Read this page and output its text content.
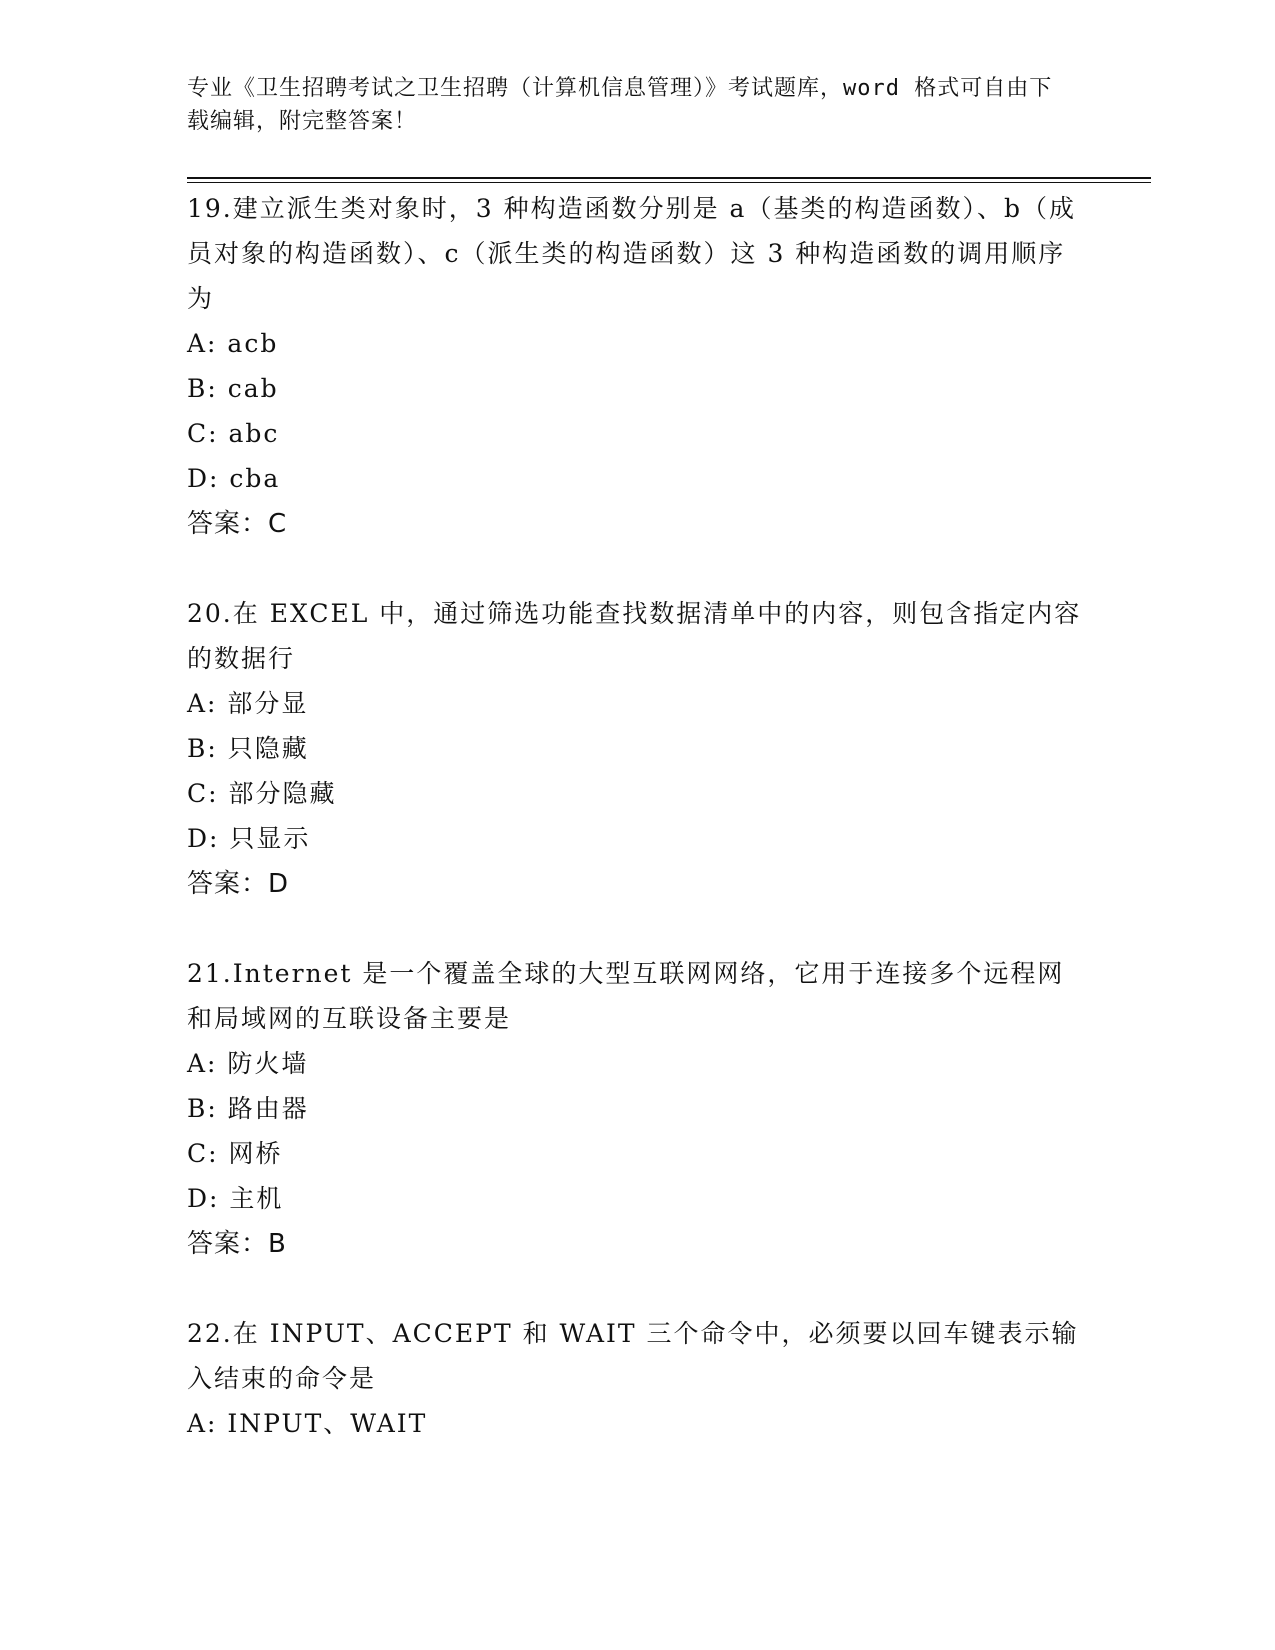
专业《卫生招聘考试之卫生招聘（计算机信息管理）》考试题库，word 格式可自由下载编辑，附完整答案！

19.建立派生类对象时，3 种构造函数分别是 a（基类的构造函数）、b（成员对象的构造函数）、c（派生类的构造函数）这 3 种构造函数的调用顺序为

A: acb

B: cab

C: abc

D: cba

答案：C

20.在 EXCEL 中，通过筛选功能查找数据清单中的内容，则包含指定内容的数据行

A: 部分显

B: 只隐藏

C: 部分隐藏

D: 只显示

答案：D

21.Internet 是一个覆盖全球的大型互联网网络，它用于连接多个远程网和局域网的互联设备主要是

A: 防火墙

B: 路由器

C: 网桥

D: 主机

答案：B

22.在 INPUT、ACCEPT 和 WAIT 三个命令中，必须要以回车键表示输入结束的命令是

A: INPUT、WAIT
